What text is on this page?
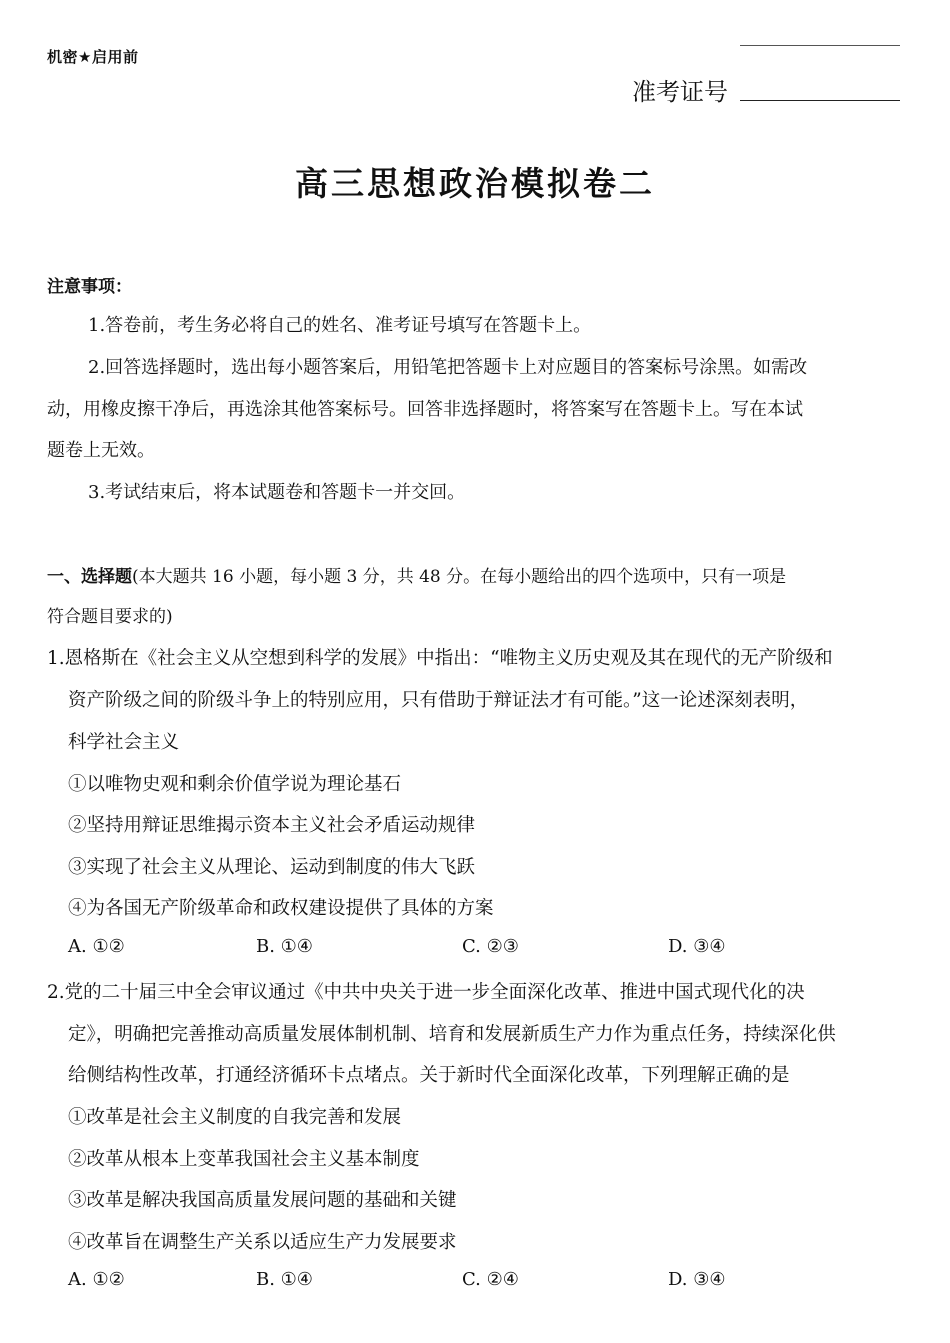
机密★启用前
准考证号
高三思想政治模拟卷二
注意事项：
1.答卷前，考生务必将自己的姓名、准考证号填写在答题卡上。
2.回答选择题时，选出每小题答案后，用铅笔把答题卡上对应题目的答案标号涂黑。如需改
动，用橡皮擦干净后，再选涂其他答案标号。回答非选择题时，将答案写在答题卡上。写在本试
题卷上无效。
3.考试结束后，将本试题卷和答题卡一并交回。
一、选择题(本大题共 16 小题，每小题 3 分，共 48 分。在每小题给出的四个选项中，只有一项是
符合题目要求的)
1.恩格斯在《社会主义从空想到科学的发展》中指出：“唯物主义历史观及其在现代的无产阶级和
资产阶级之间的阶级斗争上的特别应用，只有借助于辩证法才有可能。”这一论述深刻表明，
科学社会主义
①以唯物史观和剩余价值学说为理论基石
②坚持用辩证思维揭示资本主义社会矛盾运动规律
③实现了社会主义从理论、运动到制度的伟大飞跃
④为各国无产阶级革命和政权建设提供了具体的方案
A. ①②	B. ①④	C. ②③	D. ③④
2.党的二十届三中全会审议通过《中共中央关于进一步全面深化改革、推进中国式现代化的决
定》，明确把完善推动高质量发展体制机制、培育和发展新质生产力作为重点任务，持续深化供
给侧结构性改革，打通经济循环卡点堵点。关于新时代全面深化改革，下列理解正确的是
①改革是社会主义制度的自我完善和发展
②改革从根本上变革我国社会主义基本制度
③改革是解决我国高质量发展问题的基础和关键
④改革旨在调整生产关系以适应生产力发展要求
A. ①②	B. ①④	C. ②④	D. ③④
